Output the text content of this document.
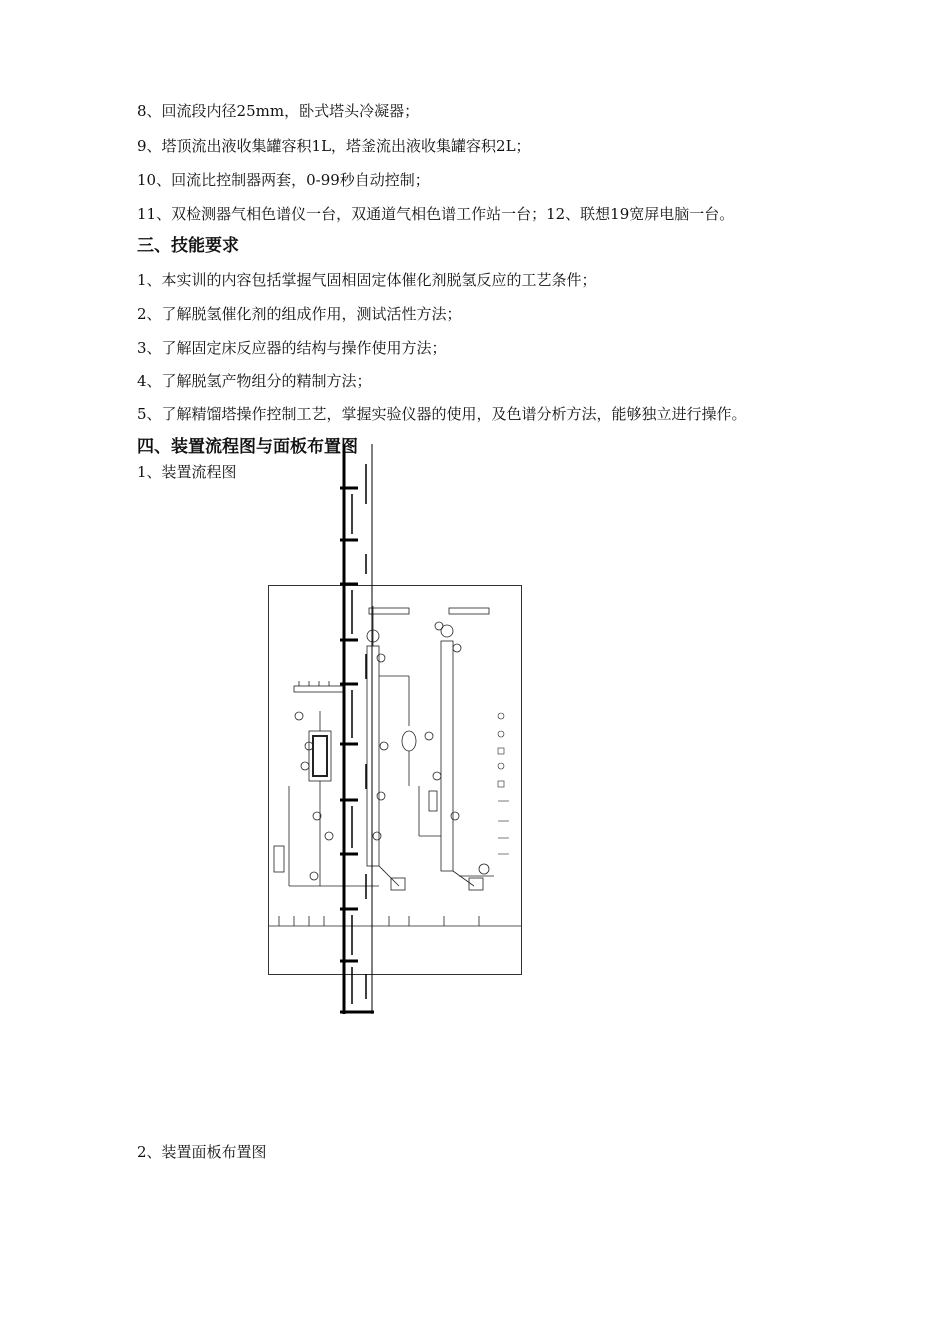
8、回流段内径25mm，卧式塔头冷凝器；
9、塔顶流出液收集罐容积1L，塔釜流出液收集罐容积2L；
10、回流比控制器两套，0-99秒自动控制；
11、双检测器气相色谱仪一台，双通道气相色谱工作站一台；12、联想19宽屏电脑一台。
三、技能要求
1、本实训的内容包括掌握气固相固定体催化剂脱氢反应的工艺条件；
2、了解脱氢催化剂的组成作用，测试活性方法；
3、了解固定床反应器的结构与操作使用方法；
4、了解脱氢产物组分的精制方法；
5、了解精馏塔操作控制工艺，掌握实验仪器的使用，及色谱分析方法，能够独立进行操作。
四、装置流程图与面板布置图
1、装置流程图
2、装置面板布置图
